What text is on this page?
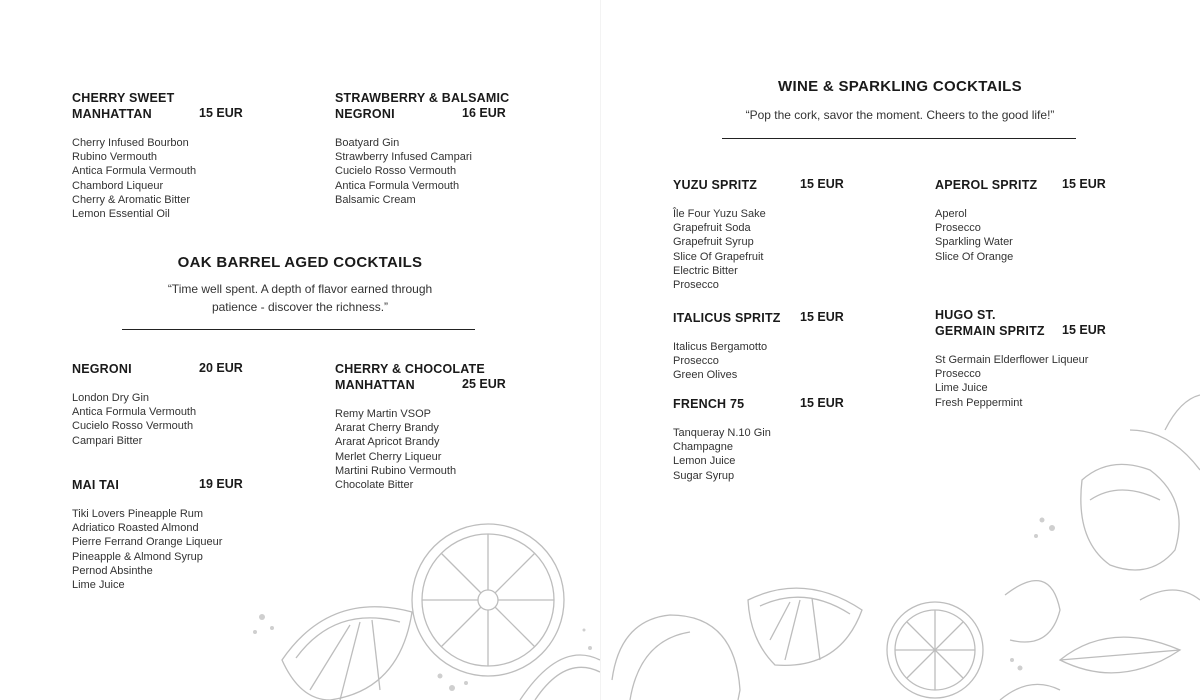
CHERRY SWEET
MANHATTAN	15 EUR
Cherry Infused Bourbon
Rubino Vermouth
Antica Formula Vermouth
Chambord Liqueur
Cherry & Aromatic Bitter
Lemon Essential Oil
STRAWBERRY & BALSAMIC
NEGRONI	16 EUR
Boatyard Gin
Strawberry Infused Campari
Cucielo Rosso Vermouth
Antica Formula Vermouth
Balsamic Cream
OAK BARREL AGED COCKTAILS
“Time well spent. A depth of flavor earned through
patience - discover the richness.”
NEGRONI	20 EUR
London Dry Gin
Antica Formula Vermouth
Cucielo Rosso Vermouth
Campari Bitter
CHERRY & CHOCOLATE
MANHATTAN	25 EUR
Remy Martin VSOP
Ararat Cherry Brandy
Ararat Apricot Brandy
Merlet Cherry Liqueur
Martini Rubino Vermouth
Chocolate Bitter
MAI TAI	19 EUR
Tiki Lovers Pineapple Rum
Adriatico Roasted Almond
Pierre Ferrand Orange Liqueur
Pineapple & Almond Syrup
Pernod Absinthe
Lime Juice
WINE & SPARKLING COCKTAILS
“Pop the cork, savor the moment. Cheers to the good life!”
YUZU SPRITZ	15 EUR
Île Four Yuzu Sake
Grapefruit Soda
Grapefruit Syrup
Slice Of Grapefruit
Electric Bitter
Prosecco
APEROL SPRITZ	15 EUR
Aperol
Prosecco
Sparkling Water
Slice Of Orange
ITALICUS SPRITZ	15 EUR
Italicus Bergamotto
Prosecco
Green Olives
HUGO ST.
GERMAIN SPRITZ	15 EUR
St Germain Elderflower Liqueur
Prosecco
Lime Juice
Fresh Peppermint
FRENCH 75	15 EUR
Tanqueray N.10 Gin
Champagne
Lemon Juice
Sugar Syrup
